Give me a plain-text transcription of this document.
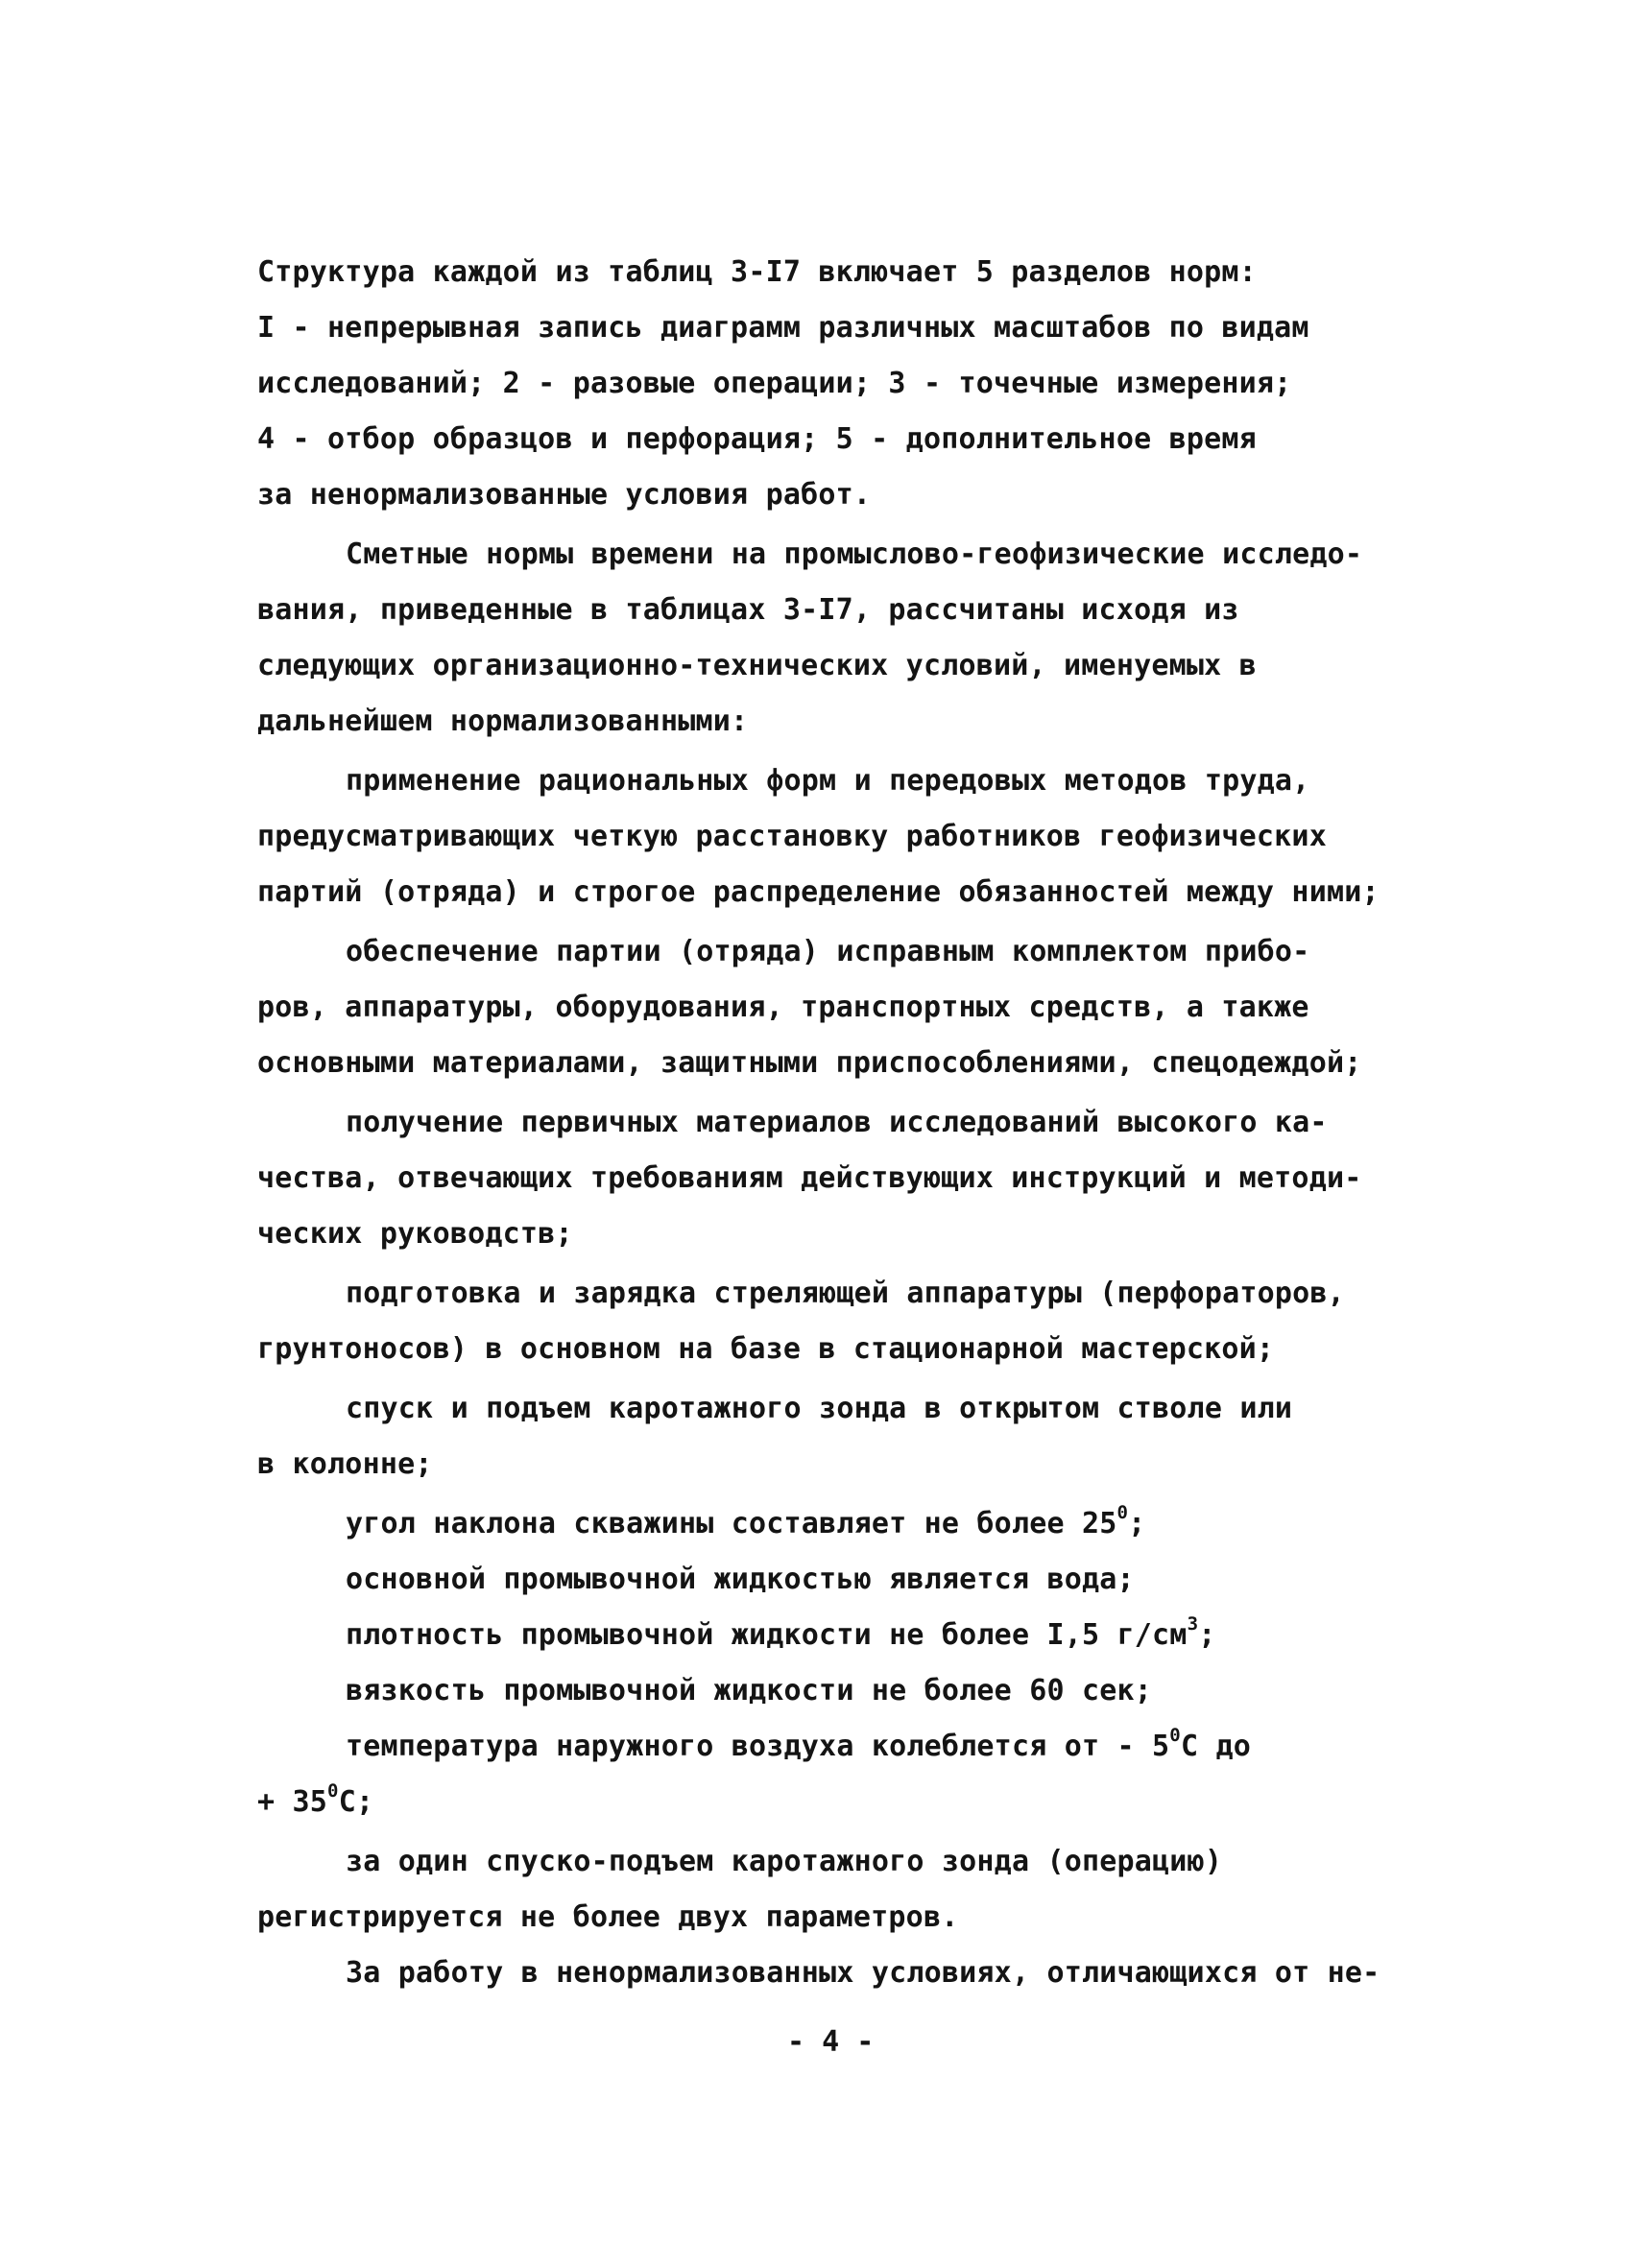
Структура каждой из таблиц 3-I7 включает 5 разделов норм:
I - непрерывная запись диаграмм различных масштабов по видам
исследований; 2 - разовые операции; 3 - точечные измерения;
4 - отбор образцов и перфорация; 5 - дополнительное время
за ненормализованные условия работ.
Сметные нормы времени на промыслово-геофизические исследо-
вания, приведенные в таблицах 3-I7, рассчитаны исходя из
следующих организационно-технических условий, именуемых в
дальнейшем нормализованными:
применение рациональных форм и передовых методов труда,
предусматривающих четкую расстановку работников геофизических
партий (отряда) и строгое распределение обязанностей между ними;
обеспечение партии (отряда) исправным комплектом прибо-
ров, аппаратуры, оборудования, транспортных средств, а также
основными материалами, защитными приспособлениями, спецодеждой;
получение первичных материалов исследований высокого ка-
чества, отвечающих требованиям действующих инструкций и методи-
ческих руководств;
подготовка и зарядка стреляющей аппаратуры (перфораторов,
грунтоносов) в основном на базе в стационарной мастерской;
спуск и подъем каротажного зонда в открытом стволе или
в колонне;
угол наклона скважины составляет не более $25^0$;
основной промывочной жидкостью является вода;
плотность промывочной жидкости не более I,5 $г/см^3$;
вязкость промывочной жидкости не более 60 сек;
температура наружного воздуха колеблется от - $5^0С$ до
+ $35^0С$;
за один спуско-подъем каротажного зонда (операцию)
регистрируется не более двух параметров.
За работу в ненормализованных условиях, отличающихся от не-
- 4 -
